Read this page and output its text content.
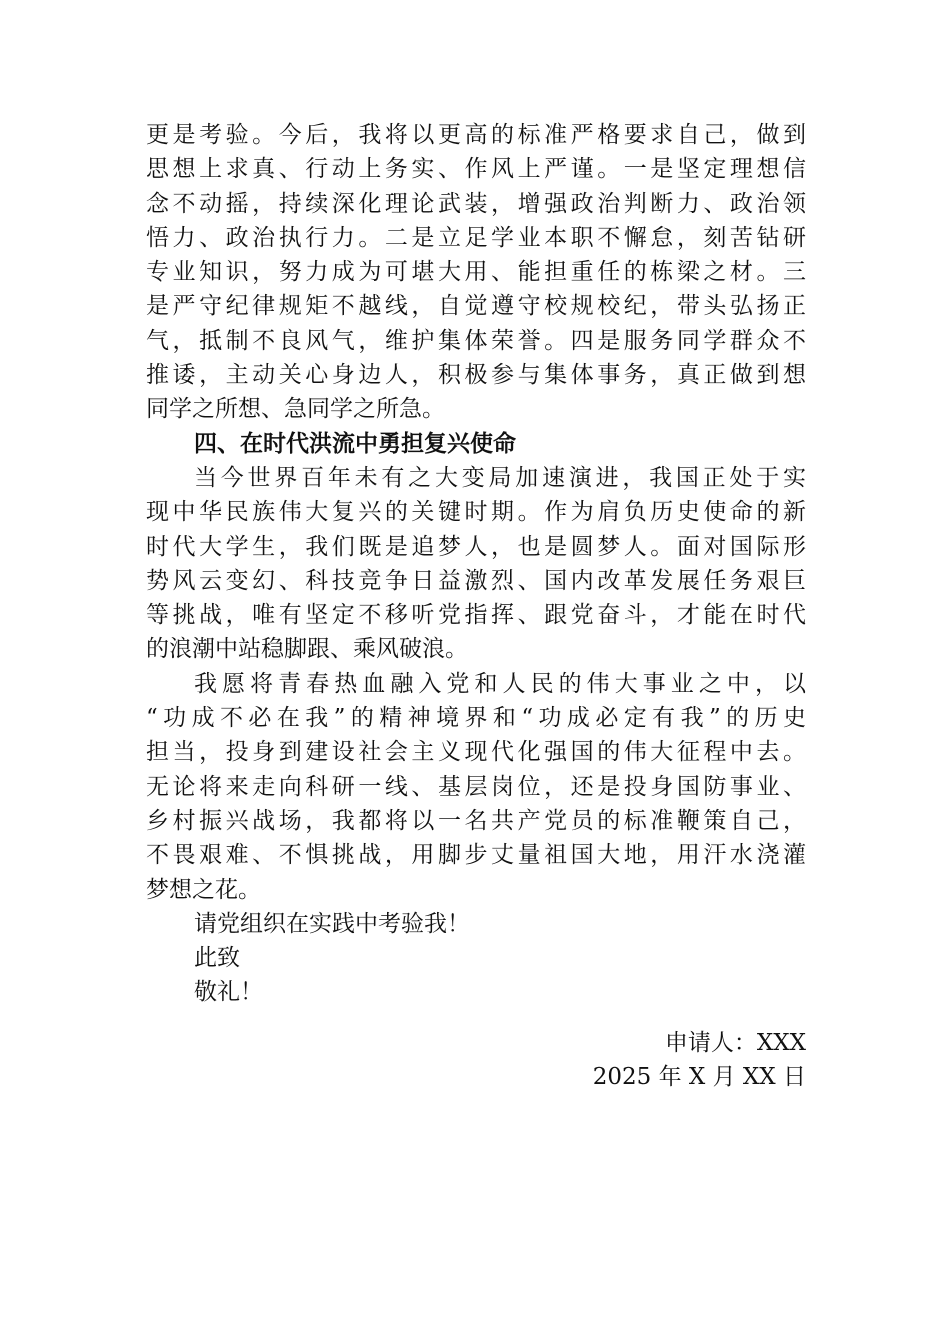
更是考验。今后，我将以更高的标准严格要求自己，做到
思想上求真、行动上务实、作风上严谨。一是坚定理想信
念不动摇，持续深化理论武装，增强政治判断力、政治领
悟力、政治执行力。二是立足学业本职不懈怠，刻苦钻研
专业知识，努力成为可堪大用、能担重任的栋梁之材。三
是严守纪律规矩不越线，自觉遵守校规校纪，带头弘扬正
气，抵制不良风气，维护集体荣誉。四是服务同学群众不
推诿，主动关心身边人，积极参与集体事务，真正做到想
同学之所想、急同学之所急。
四、在时代洪流中勇担复兴使命
当今世界百年未有之大变局加速演进，我国正处于实
现中华民族伟大复兴的关键时期。作为肩负历史使命的新
时代大学生，我们既是追梦人，也是圆梦人。面对国际形
势风云变幻、科技竞争日益激烈、国内改革发展任务艰巨
等挑战，唯有坚定不移听党指挥、跟党奋斗，才能在时代
的浪潮中站稳脚跟、乘风破浪。
我愿将青春热血融入党和人民的伟大事业之中，以
“功成不必在我”的精神境界和“功成必定有我”的历史
担当，投身到建设社会主义现代化强国的伟大征程中去。
无论将来走向科研一线、基层岗位，还是投身国防事业、
乡村振兴战场，我都将以一名共产党员的标准鞭策自己，
不畏艰难、不惧挑战，用脚步丈量祖国大地，用汗水浇灌
梦想之花。
请党组织在实践中考验我！
此致
敬礼！
申请人：XXX
2025 年 X 月 XX 日
